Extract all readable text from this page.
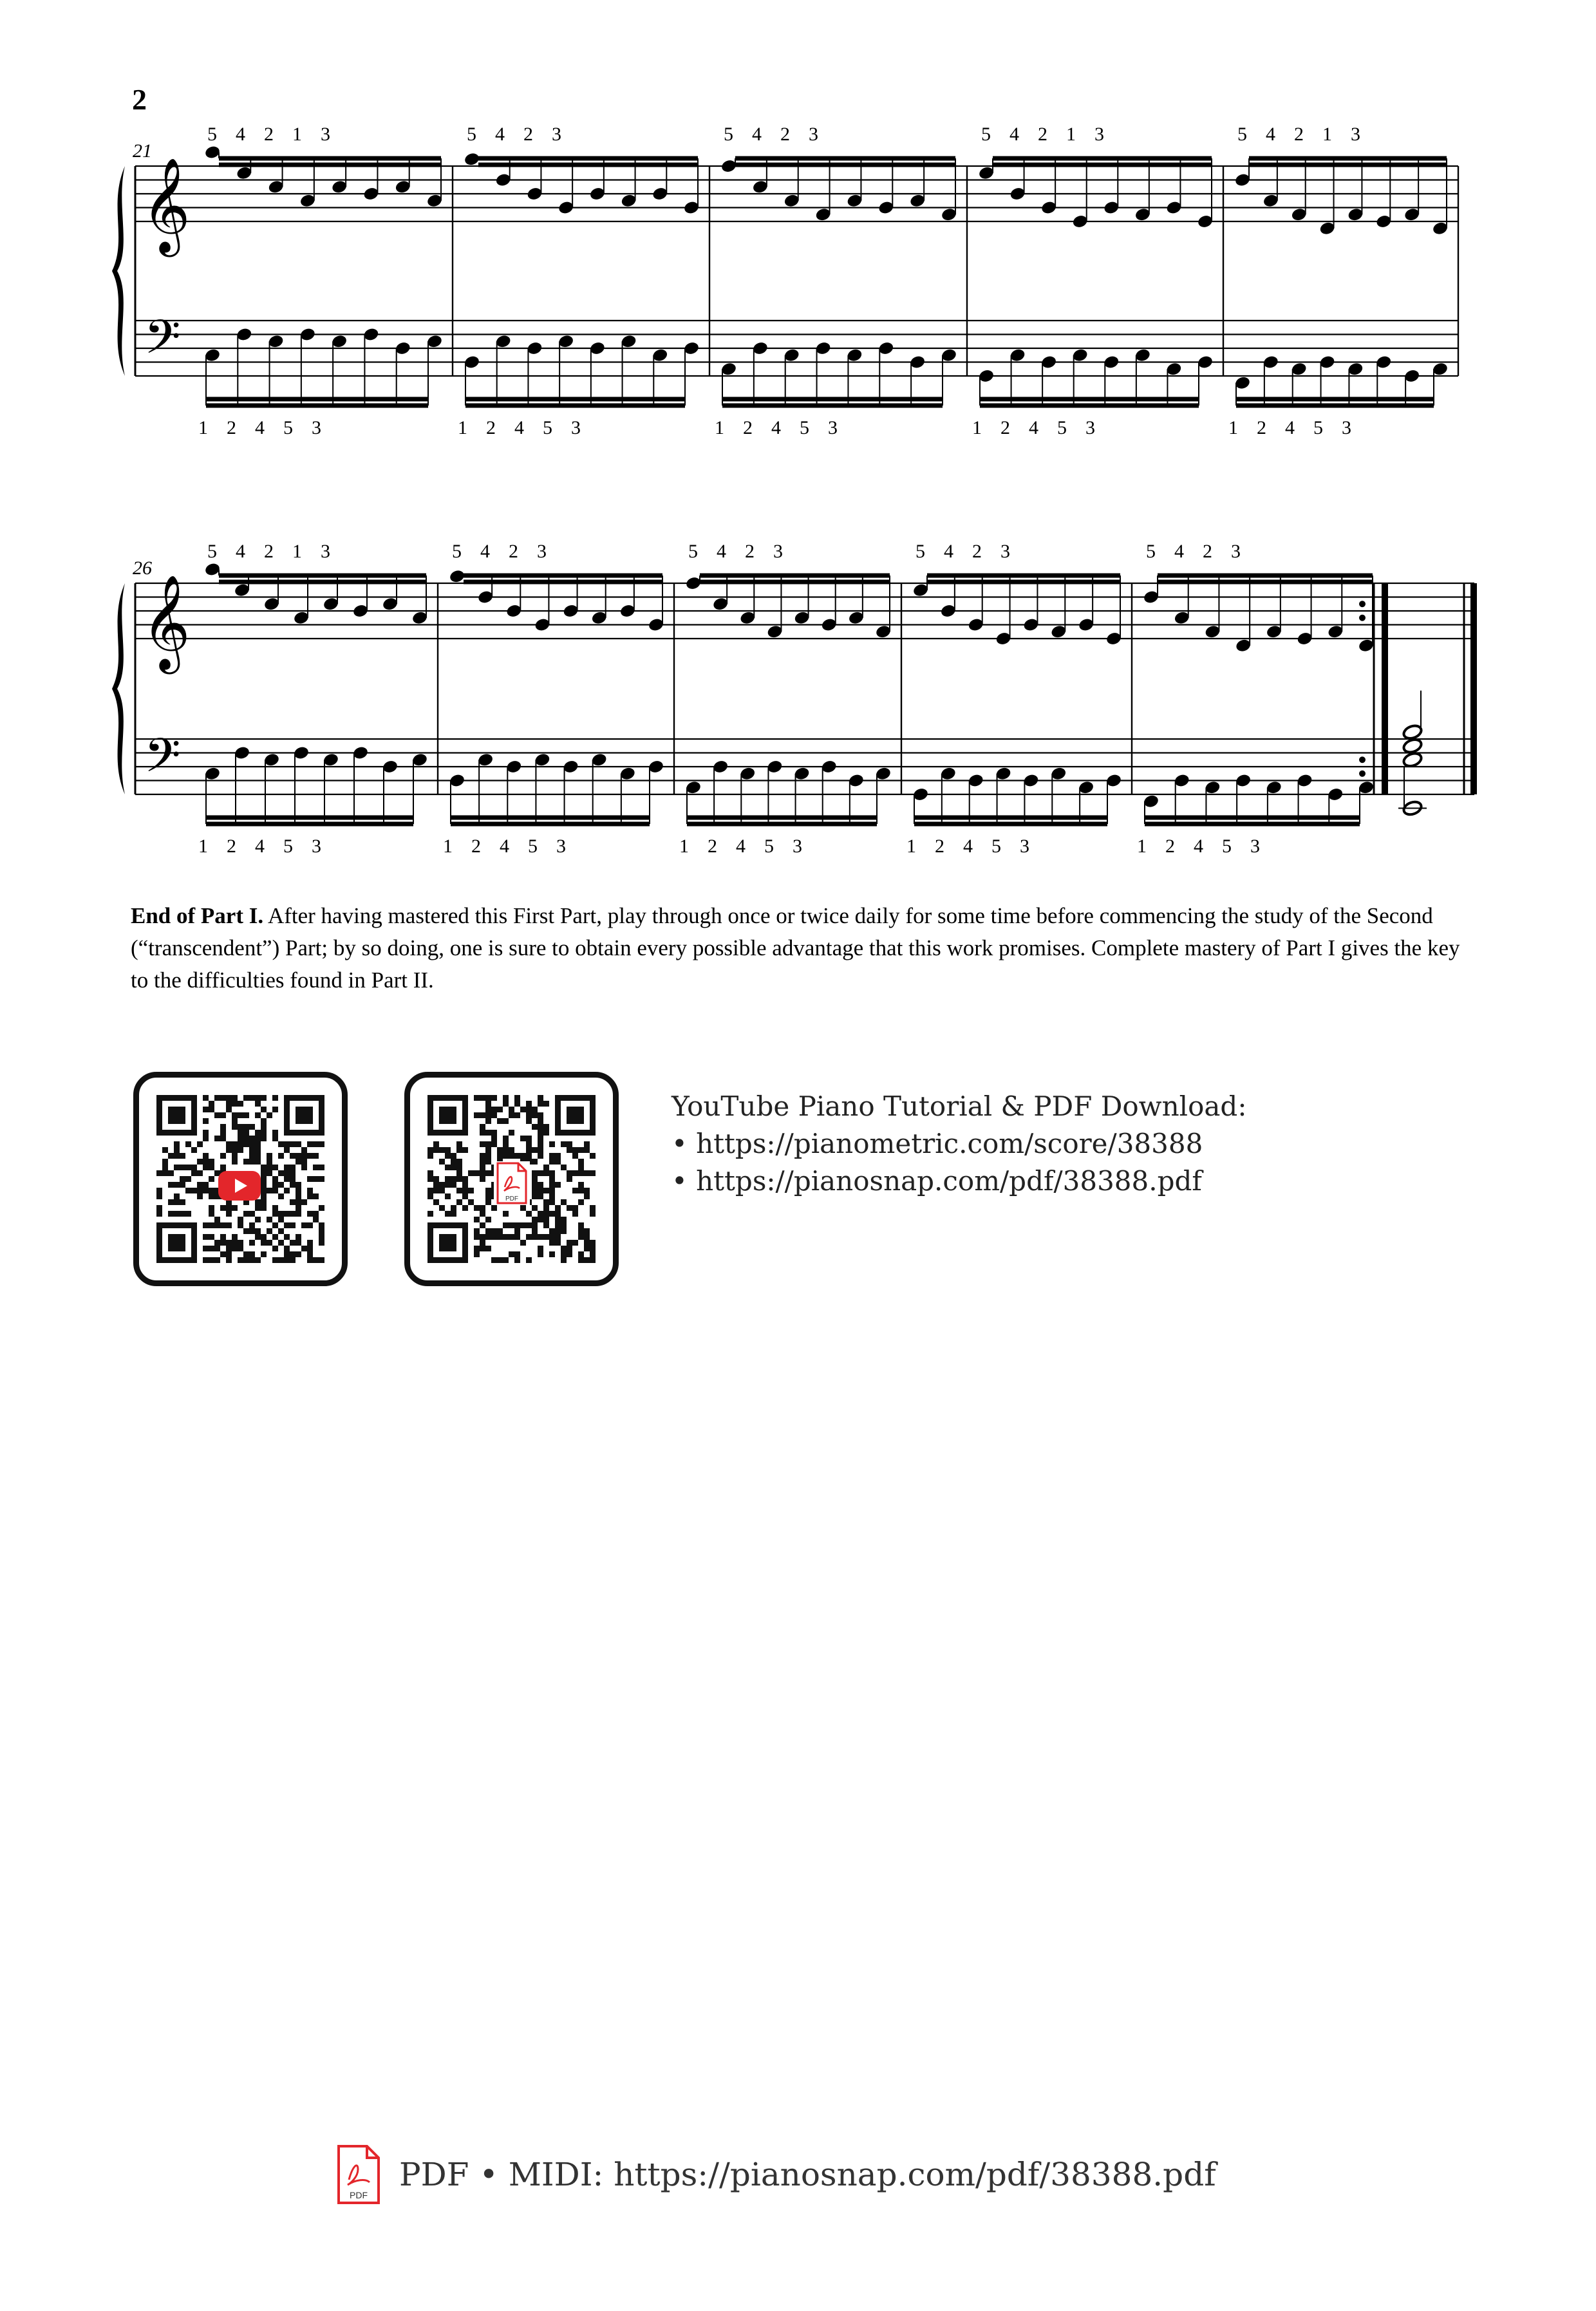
2
𝄞
𝄢
21
5 4 2 1 3
1 2 4 5 3
5 4 2 3
1 2 4 5 3
5 4 2 3
1 2 4 5 3
5 4 2 1 3
1 2 4 5 3
5 4 2 1 3
1 2 4 5 3
𝄞
𝄢
26
5 4 2 1 3
1 2 4 5 3
5 4 2 3
1 2 4 5 3
5 4 2 3
1 2 4 5 3
5 4 2 3
1 2 4 5 3
5 4 2 3
1 2 4 5 3
End of Part I. After having mastered this First Part, play through once or twice daily for some time before commencing the study of the Second (“transcendent”) Part; by so doing, one is sure to obtain every possible advantage that this work promises. Complete mastery of Part I gives the key to the difficulties found in Part II.
PDF
YouTube Piano Tutorial & PDF Download:
• https://pianometric.com/score/38388
• https://pianosnap.com/pdf/38388.pdf
PDF
PDF • MIDI: https://pianosnap.com/pdf/38388.pdf
